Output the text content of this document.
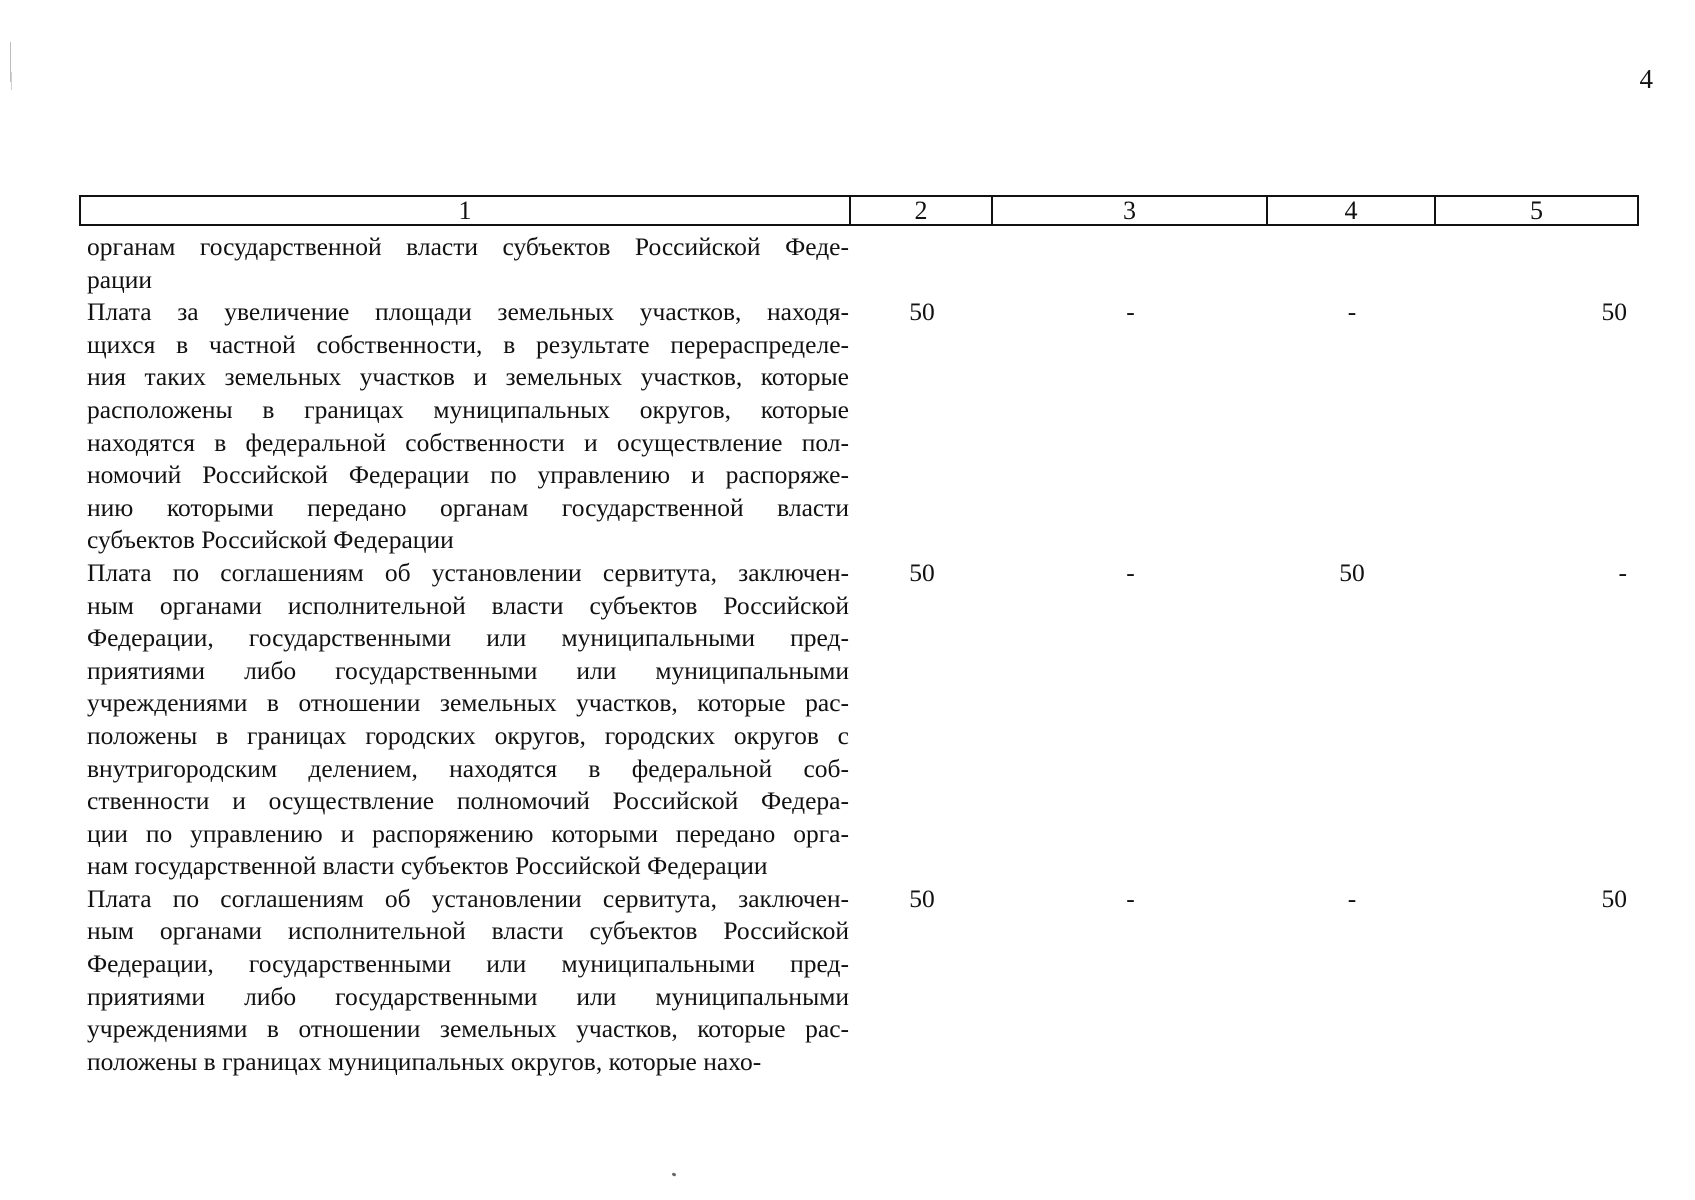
4
1	2	3	4	5
органам государственной власти субъектов Российской Феде-
рации
Плата за увеличение площади земельных участков, находя-
щихся в частной собственности, в результате перераспределе-
ния таких земельных участков и земельных участков, которые
расположены в границах муниципальных округов, которые
находятся в федеральной собственности и осуществление пол-
номочий Российской Федерации по управлению и распоряже-
нию которыми передано органам государственной власти
субъектов Российской Федерации
50	-	-	50
Плата по соглашениям об установлении сервитута, заключен-
ным органами исполнительной власти субъектов Российской
Федерации, государственными или муниципальными пред-
приятиями либо государственными или муниципальными
учреждениями в отношении земельных участков, которые рас-
положены в границах городских округов, городских округов с
внутригородским делением, находятся в федеральной соб-
ственности и осуществление полномочий Российской Федера-
ции по управлению и распоряжению которыми передано орга-
нам государственной власти субъектов Российской Федерации
50	-	50	-
Плата по соглашениям об установлении сервитута, заключен-
ным органами исполнительной власти субъектов Российской
Федерации, государственными или муниципальными пред-
приятиями либо государственными или муниципальными
учреждениями в отношении земельных участков, которые рас-
положены в границах муниципальных округов, которые нахо-
50	-	-	50
